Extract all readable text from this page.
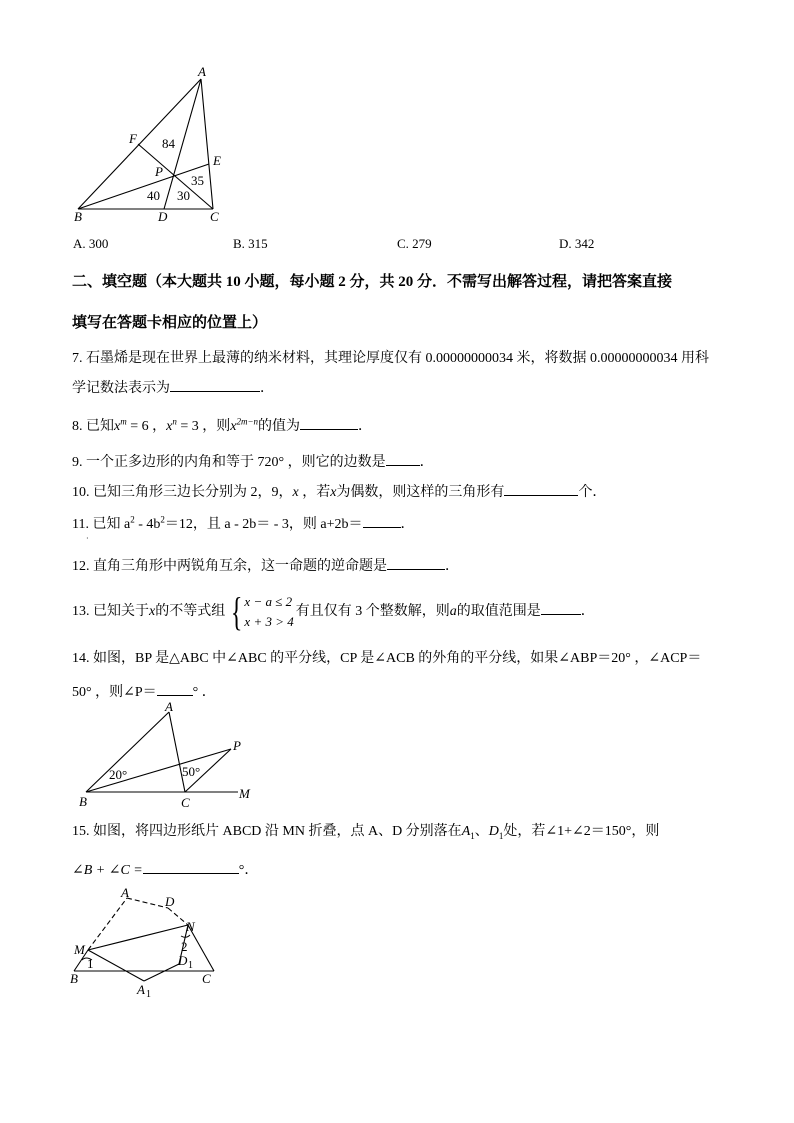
A
F
E
P
B	D	C
84
35
40 30
A. 300	B. 315	C. 279	D. 342
二、填空题（本大题共 10 小题，每小题 2 分，共 20 分．不需写出解答过程，请把答案直接
填写在答题卡相应的位置上）
7. 石墨烯是现在世界上最薄的纳米材料，其理论厚度仅有 0.00000000034 米，将数据 0.00000000034 用科
学记数法表示为	．
8. 已知$x^m = 6$ ，$x^n = 3$ ，则$x^{2m-n}$的值为	．
9. 一个正多边形的内角和等于 720° ，则它的边数是 ．
10. 已知三角形三边长分别为 2，9，x ，若x为偶数，则这样的三角形有	个．
11. 已知 $a^2 - 4b^2=12$，且 a - 2b＝ - 3，则 a+2b＝	．
·
12. 直角三角形中两锐角互余，这一命题的逆命题是	．
13. 已知关于x的不等式组 { x − a ≤ 2
x + 3 > 4
有且仅有 3 个整数解，则a的取值范围是	．
14. 如图，BP 是△ABC 中∠ABC 的平分线，CP 是∠ACB 的外角的平分线，如果∠ABP＝20° ，∠ACP＝
50° ，则∠P＝	° ．
A
P
B	C
M
20°	50°
15. 如图，将四边形纸片 ABCD 沿 MN 折叠，点 A、D 分别落在$A_1$、$D_1$处，若∠1+∠2＝150°，则
∠B + ∠C =	°．
A
D
N
M	2
1	D 1
B
A 1
C
